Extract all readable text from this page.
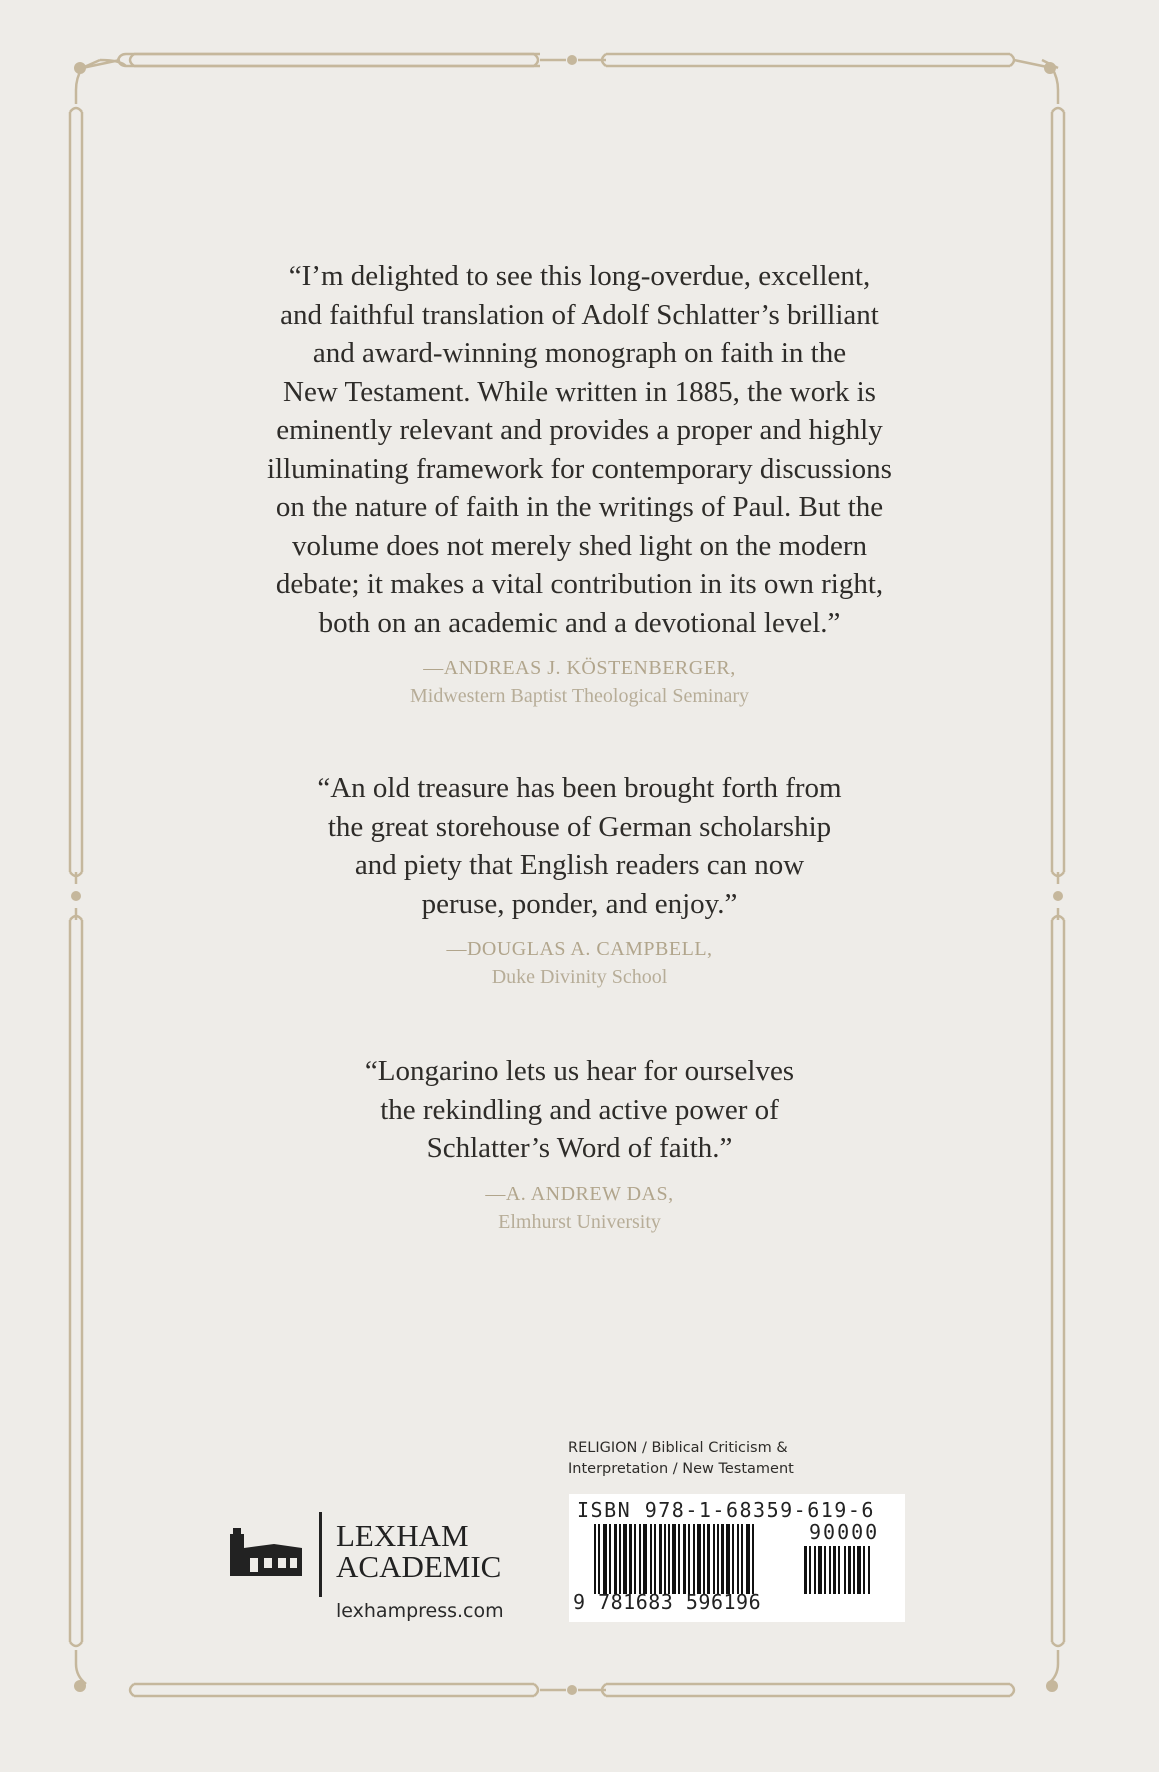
“I’m delighted to see this long-overdue, excellent,
and faithful translation of Adolf Schlatter’s brilliant
and award-winning monograph on faith in the
New Testament. While written in 1885, the work is
eminently relevant and provides a proper and highly
illuminating framework for contemporary discussions
on the nature of faith in the writings of Paul. But the
volume does not merely shed light on the modern
debate; it makes a vital contribution in its own right,
both on an academic and a devotional level.”

—ANDREAS J. KÖSTENBERGER,
Midwestern Baptist Theological Seminary

“An old treasure has been brought forth from
the great storehouse of German scholarship
and piety that English readers can now
peruse, ponder, and enjoy.”

—DOUGLAS A. CAMPBELL,
Duke Divinity School

“Longarino lets us hear for ourselves
the rekindling and active power of
Schlatter’s Word of faith.”

—A. ANDREW DAS,
Elmhurst University
RELIGION / Biblical Criticism &
Interpretation / New Testament
LEXHAM
ACADEMIC
lexhampress.com
ISBN 978-1-68359-619-6
90000
9 781683 596196
